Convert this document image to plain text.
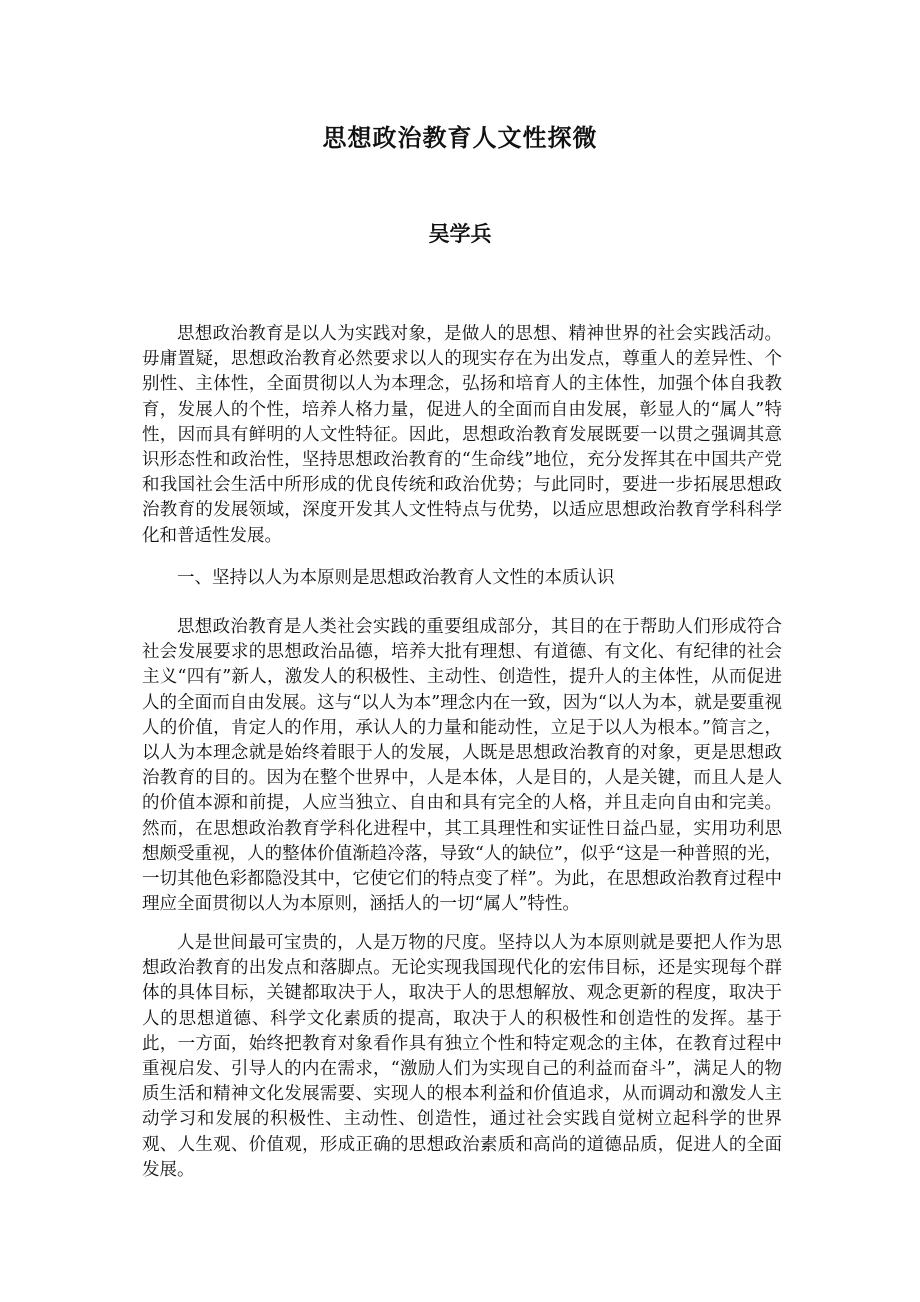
思想政治教育人文性探微
吴学兵

思想政治教育是以人为实践对象，是做人的思想、精神世界的社会实践活动。毋庸置疑，思想政治教育必然要求以人的现实存在为出发点，尊重人的差异性、个别性、主体性，全面贯彻以人为本理念，弘扬和培育人的主体性，加强个体自我教育，发展人的个性，培养人格力量，促进人的全面而自由发展，彰显人的“属人”特性，因而具有鲜明的人文性特征。因此，思想政治教育发展既要一以贯之强调其意识形态性和政治性，坚持思想政治教育的“生命线”地位，充分发挥其在中国共产党和我国社会生活中所形成的优良传统和政治优势；与此同时，要进一步拓展思想政治教育的发展领域，深度开发其人文性特点与优势，以适应思想政治教育学科科学化和普适性发展。

一、坚持以人为本原则是思想政治教育人文性的本质认识

思想政治教育是人类社会实践的重要组成部分，其目的在于帮助人们形成符合社会发展要求的思想政治品德，培养大批有理想、有道德、有文化、有纪律的社会主义“四有”新人，激发人的积极性、主动性、创造性，提升人的主体性，从而促进人的全面而自由发展。这与“以人为本”理念内在一致，因为“以人为本，就是要重视人的价值，肯定人的作用，承认人的力量和能动性，立足于以人为根本。”简言之，以人为本理念就是始终着眼于人的发展，人既是思想政治教育的对象，更是思想政治教育的目的。因为在整个世界中，人是本体，人是目的，人是关键，而且人是人的价值本源和前提，人应当独立、自由和具有完全的人格，并且走向自由和完美。然而，在思想政治教育学科化进程中，其工具理性和实证性日益凸显，实用功利思想颇受重视，人的整体价值渐趋冷落，导致“人的缺位”，似乎“这是一种普照的光，一切其他色彩都隐没其中，它使它们的特点变了样”。为此，在思想政治教育过程中理应全面贯彻以人为本原则，涵括人的一切“属人”特性。

人是世间最可宝贵的，人是万物的尺度。坚持以人为本原则就是要把人作为思想政治教育的出发点和落脚点。无论实现我国现代化的宏伟目标，还是实现每个群体的具体目标，关键都取决于人，取决于人的思想解放、观念更新的程度，取决于人的思想道德、科学文化素质的提高，取决于人的积极性和创造性的发挥。基于此，一方面，始终把教育对象看作具有独立个性和特定观念的主体，在教育过程中重视启发、引导人的内在需求，“激励人们为实现自己的利益而奋斗”，满足人的物质生活和精神文化发展需要、实现人的根本利益和价值追求，从而调动和激发人主动学习和发展的积极性、主动性、创造性，通过社会实践自觉树立起科学的世界观、人生观、价值观，形成正确的思想政治素质和高尚的道德品质，促进人的全面发展。
